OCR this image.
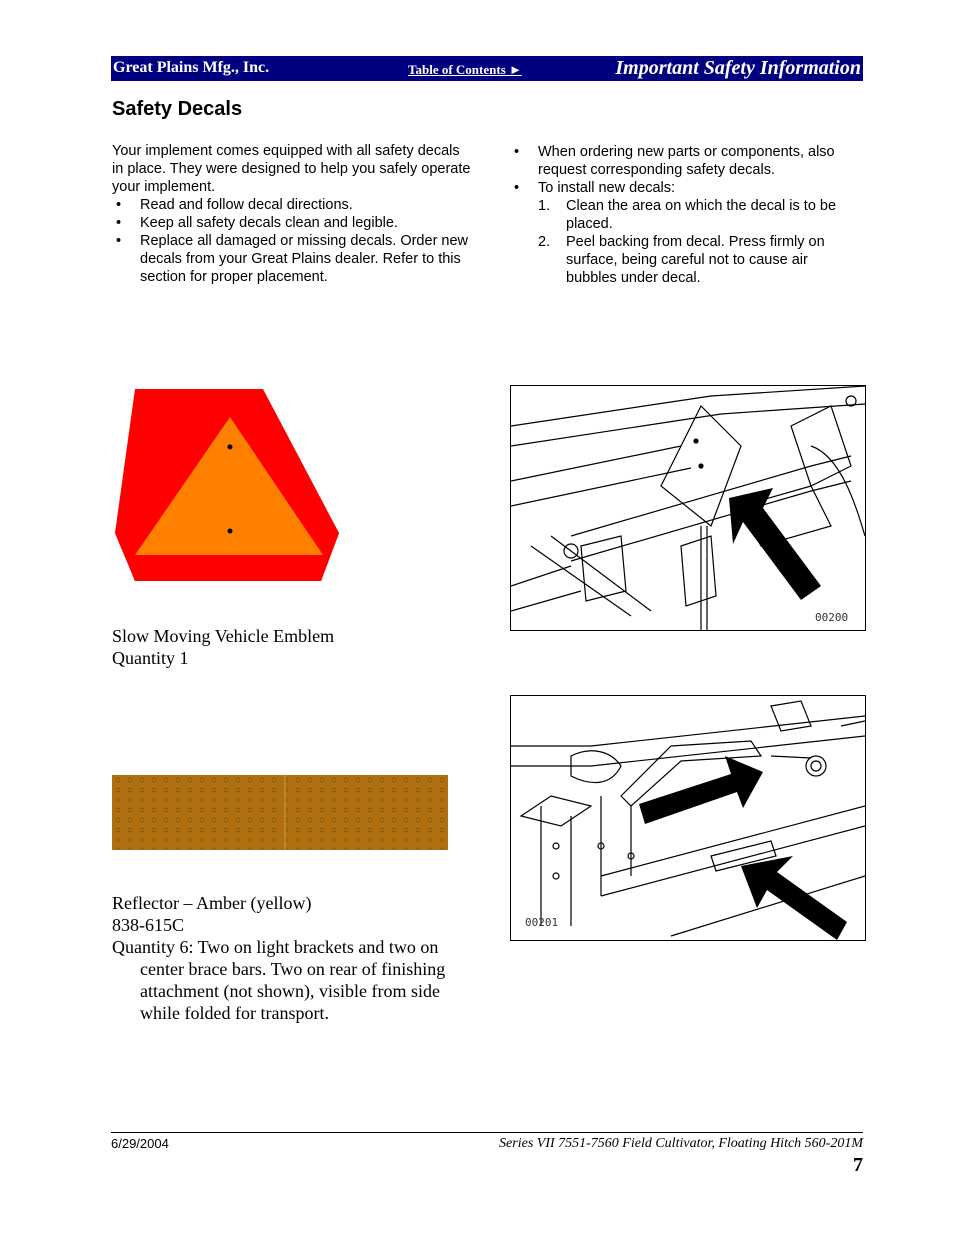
Great Plains Mfg., Inc.	Table of Contents ►	Important Safety Information
Safety Decals

Your implement comes equipped with all safety decals in place. They were designed to help you safely operate your implement.

• Read and follow decal directions.
• Keep all safety decals clean and legible.
• Replace all damaged or missing decals. Order new decals from your Great Plains dealer. Refer to this section for proper placement.
• When ordering new parts or components, also request corresponding safety decals.
• To install new decals:
1. Clean the area on which the decal is to be placed.
2. Peel backing from decal. Press firmly on surface, being careful not to cause air bubbles under decal.

Slow Moving Vehicle Emblem

Quantity 1

Reflector – Amber (yellow)

838-615C

Quantity 6: Two on light brackets and two on center brace bars. Two on rear of finishing attachment (not shown), visible from side while folded for transport.

00200
00201
6/29/2004	Series VII 7551-7560 Field Cultivator, Floating Hitch 560-201M
7
